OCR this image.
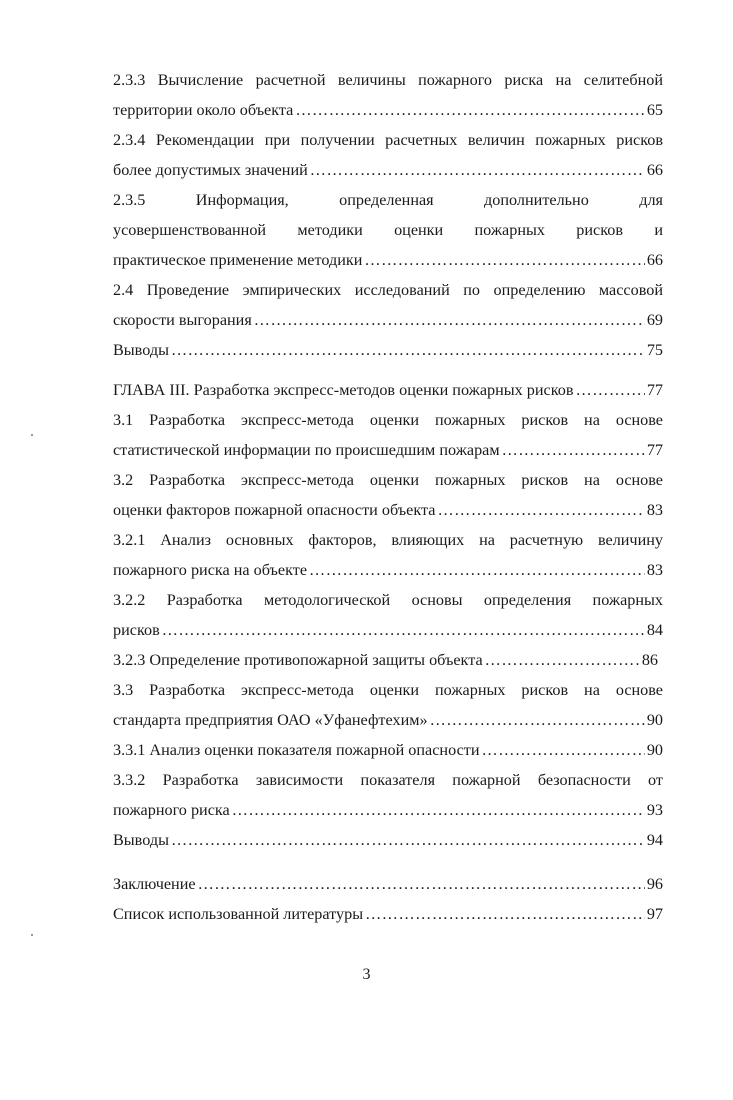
2.3.3 Вычисление расчетной величины пожарного риска на селитебной
территории около объекта ……………………………………………………………………………………………………………………………………………………………………………………………………	65
2.3.4 Рекомендации при получении расчетных величин пожарных рисков
более допустимых значений ……………………………………………………………………………………………………………………………………………………………………………………………………	66
2.3.5 Информация, определенная дополнительно для
усовершенствованной методики оценки пожарных рисков и
практическое применение методики ……………………………………………………………………………………………………………………………………………………………………………………………………	66
2.4 Проведение эмпирических исследований по определению массовой
скорости выгорания ……………………………………………………………………………………………………………………………………………………………………………………………………	69
Выводы ……………………………………………………………………………………………………………………………………………………………………………………………………	75
ГЛАВА III. Разработка экспресс-методов оценки пожарных рисков ……………………………………………………………………………………………………………………………………………………………………………………………………	77
3.1 Разработка экспресс-метода оценки пожарных рисков на основе
статистической информации по происшедшим пожарам ……………………………………………………………………………………………………………………………………………………………………………………………………	77
3.2 Разработка экспресс-метода оценки пожарных рисков на основе
оценки факторов пожарной опасности объекта ……………………………………………………………………………………………………………………………………………………………………………………………………	83
3.2.1 Анализ основных факторов, влияющих на расчетную величину
пожарного риска на объекте ……………………………………………………………………………………………………………………………………………………………………………………………………	83
3.2.2 Разработка методологической основы определения пожарных
рисков ……………………………………………………………………………………………………………………………………………………………………………………………………	84
3.2.3 Определение противопожарной защиты объекта ……………………………………………………………………………………………………………………………………………………………………………………………………	86
3.3 Разработка экспресс-метода оценки пожарных рисков на основе
стандарта предприятия ОАО «Уфанефтехим» ……………………………………………………………………………………………………………………………………………………………………………………………………	90
3.3.1 Анализ оценки показателя пожарной опасности ……………………………………………………………………………………………………………………………………………………………………………………………………	90
3.3.2 Разработка зависимости показателя пожарной безопасности от
пожарного риска ……………………………………………………………………………………………………………………………………………………………………………………………………	93
Выводы ……………………………………………………………………………………………………………………………………………………………………………………………………	94
Заключение ……………………………………………………………………………………………………………………………………………………………………………………………………	96
Список использованной литературы ……………………………………………………………………………………………………………………………………………………………………………………………………	97
3
